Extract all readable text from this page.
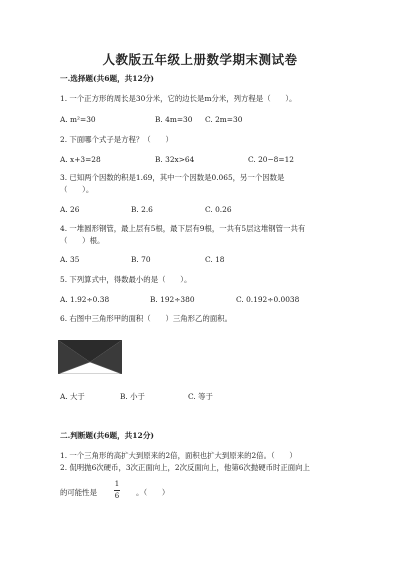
人教版五年级上册数学期末测试卷
一.选择题(共6题，共12分)
1. 一个正方形的周长是30分米，它的边长是m分米，列方程是（　　）。
A. m²=30	B. 4m=30 C. 2m=30
2. 下面哪个式子是方程？（　　）
A. x+3=28	B. 32x>64	C. 20−8=12
3. 已知两个因数的积是1.69，其中一个因数是0.065，另一个因数是
（　　）。
A. 26	B. 2.6	C. 0.26
4. 一堆圆形钢管，最上层有5根，最下层有9根，一共有5层这堆钢管一共有
（　　）根。
A. 35	B. 70	C. 18
5. 下列算式中，得数最小的是（　　）。
A. 1.92÷0.38	B. 192÷380	C. 0.192÷0.0038
6. 右图中三角形甲的面积（　　）三角形乙的面积。
A. 大于	B. 小于	C. 等于
二.判断题(共6题，共12分)
1. 一个三角形的高扩大到原来的2倍，面积也扩大到原来的2倍。（　　）
2. 侃明抛6次硬币，3次正面向上，2次反面向上，他第6次抛硬币时正面向上
的可能性是
1
6	。（　　）
